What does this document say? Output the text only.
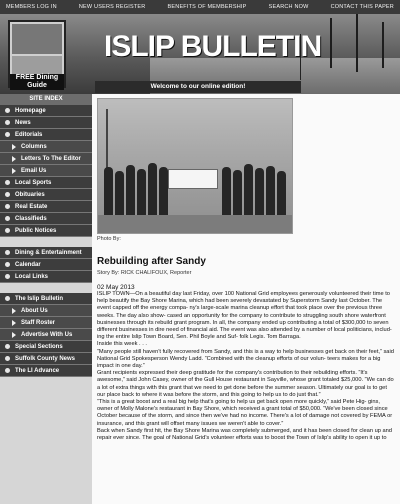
MEMBERS LOG IN	NEW USERS REGISTER	BENEFITS OF MEMBERSHIP	SEARCH NOW	CONTACT THIS PAPER
FREE Dining Guide
ISLIP BULLETIN
Welcome to our online edition!
SITE INDEX
Homepage
News
Editorials
Columns
Letters To The Editor
Email Us
Local Sports
Obituaries
Real Estate
Classifieds
Public Notices
Dining & Entertainment
Calendar
Local Links
The Islip Bulletin
About Us
Staff Roster
Advertise With Us
Special Sections
Suffolk County News
The LI Advance
Photo By:
Rebuilding after Sandy
Story By: RICK CHALIFOUX, Reporter
02 May 2013

ISLIP TOWN—On a beautiful day last Friday, over 100 National Grid employees generously volunteered their time to help beautify the Bay Shore Marina, which had been severely devastated by Superstorm Sandy last October. The event capped off the energy compa- ny's large-scale marina cleanup effort that took place over the previous three weeks. The day also show- cased an opportunity for the company to contribute to struggling south shore waterfront businesses through its rebuild grant program. In all, the company ended up contributing a total of $300,000 to seven different businesses in dire need of financial aid. The event was also attended by a number of local politicians, includ- ing the entire Islip Town Board, Sen. Phil Boyle and Suf- folk Legis. Tom Barraga.

Inside this week . . .

“Many people still haven't fully recovered from Sandy, and this is a way to help businesses get back on their feet,” said National Grid Spokesperson Wendy Ladd. “Combined with the cleanup efforts of our volun- teers makes for a big impact in one day.”

Grant recipients expressed their deep gratitude for the company's contribution to their rebuilding efforts. “It's awesome,” said John Casey, owner of the Gull House restaurant in Sayville, whose grant totaled $25,000. “We can do a lot of extra things with this grant that we need to get done before the summer season. Ultimately our goal is to get our place back to where it was before the storm, and this going to help us to do just that.”

“This is a great boost and a real big help that's going to help us get back open more quickly,” said Pete Hig- gins, owner of Molly Malone's restaurant in Bay Shore, which received a grant total of $50,000. “We've been closed since October because of the storm, and since then we've had no income. There's a lot of damage not covered by FEMA or insurance, and this grant will offset many issues we weren't able to cover.”

Back when Sandy first hit, the Bay Shore Marina was completely submerged, and it has been closed for clean up and repair ever since. The goal of National Grid's volunteer efforts was to boost the Town of Islip's ability to open it up to
